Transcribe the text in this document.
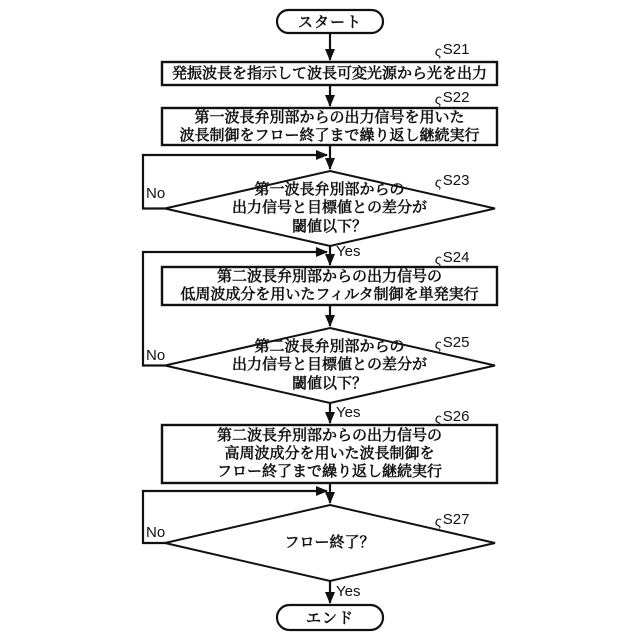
スタート
発振波長を指示して波長可変光源から光を出力
第一波長弁別部からの出力信号を用いた
波長制御をフロー終了まで繰り返し継続実行
第一波長弁別部からの
出力信号と目標値との差分が
閾値以下？
第二波長弁別部からの出力信号の
低周波成分を用いたフィルタ制御を単発実行
第二波長弁別部からの
出力信号と目標値との差分が
閾値以下？
第二波長弁別部からの出力信号の
高周波成分を用いた波長制御を
フロー終了まで繰り返し継続実行
フロー終了？
エンド
ς S21
ς S22
ς S23
ς S24
ς S25
ς S26
ς S27
Yes
Yes
Yes
No
No
No
